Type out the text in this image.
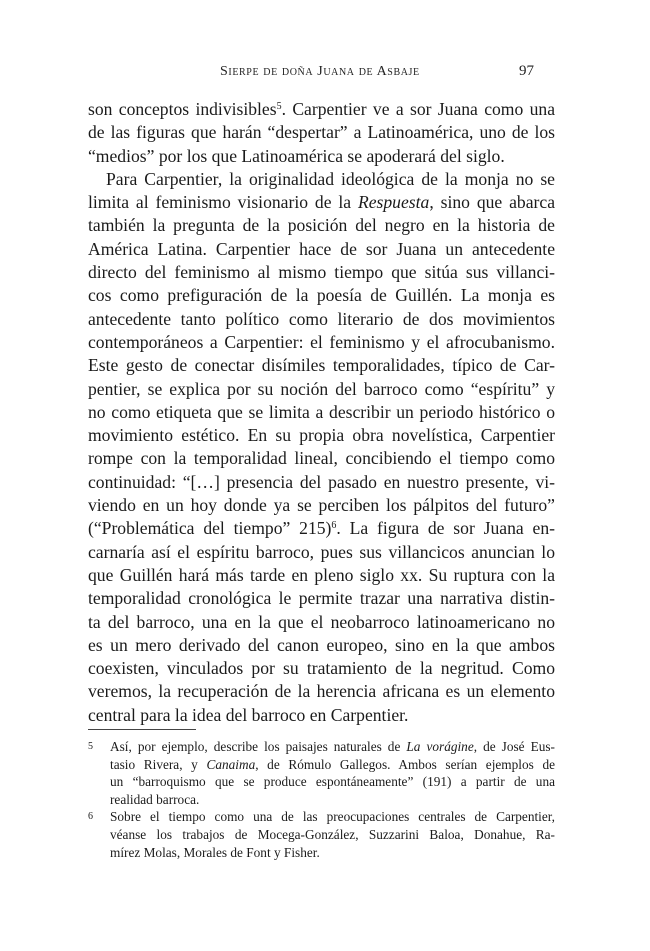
Sierpe de doña Juana de Asbaje	97
son conceptos indivisibles$^5$. Carpentier ve a sor Juana como una
de las figuras que harán “despertar” a Latinoamérica, uno de los
“medios” por los que Latinoamérica se apoderará del siglo.
Para Carpentier, la originalidad ideológica de la monja no se
limita al feminismo visionario de la Respuesta, sino que abarca
también la pregunta de la posición del negro en la historia de
América Latina. Carpentier hace de sor Juana un antecedente
directo del feminismo al mismo tiempo que sitúa sus villanci-
cos como prefiguración de la poesía de Guillén. La monja es
antecedente tanto político como literario de dos movimientos
contemporáneos a Carpentier: el feminismo y el afrocubanismo.
Este gesto de conectar disímiles temporalidades, típico de Car-
pentier, se explica por su noción del barroco como “espíritu” y
no como etiqueta que se limita a describir un periodo histórico o
movimiento estético. En su propia obra novelística, Carpentier
rompe con la temporalidad lineal, concibiendo el tiempo como
continuidad: “[…] presencia del pasado en nuestro presente, vi-
viendo en un hoy donde ya se perciben los pálpitos del futuro”
(“Problemática del tiempo” 215)$^6$. La figura de sor Juana en-
carnaría así el espíritu barroco, pues sus villancicos anuncian lo
que Guillén hará más tarde en pleno siglo xx. Su ruptura con la
temporalidad cronológica le permite trazar una narrativa distin-
ta del barroco, una en la que el neobarroco latinoamericano no
es un mero derivado del canon europeo, sino en la que ambos
coexisten, vinculados por su tratamiento de la negritud. Como
veremos, la recuperación de la herencia africana es un elemento
central para la idea del barroco en Carpentier.
5 Así, por ejemplo, describe los paisajes naturales de La vorágine, de José Eus-
tasio Rivera, y Canaima, de Rómulo Gallegos. Ambos serían ejemplos de
un “barroquismo que se produce espontáneamente” (191) a partir de una
realidad barroca.
6 Sobre el tiempo como una de las preocupaciones centrales de Carpentier,
véanse los trabajos de Mocega-González, Suzzarini Baloa, Donahue, Ra-
mírez Molas, Morales de Font y Fisher.
